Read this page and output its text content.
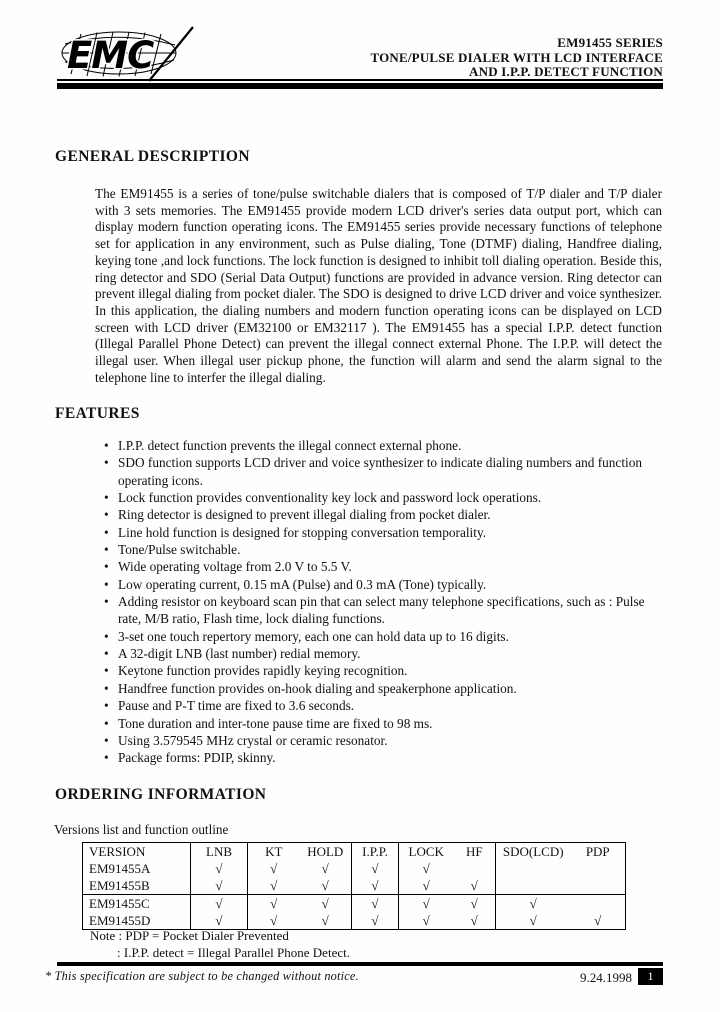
EMC	EM91455 SERIES
TONE/PULSE DIALER WITH LCD INTERFACE
AND I.P.P. DETECT FUNCTION
GENERAL DESCRIPTION
The EM91455 is a series of tone/pulse switchable dialers that is composed of T/P dialer and T/P dialer with 3 sets memories. The EM91455 provide modern LCD driver's series data output port, which can display modern function operating icons. The EM91455 series provide necessary functions of telephone set for application in any environment, such as Pulse dialing, Tone (DTMF) dialing, Handfree dialing, keying tone ,and lock functions. The lock function is designed to inhibit toll dialing operation. Beside this, ring detector and SDO (Serial Data Output) functions are provided in advance version. Ring detector can prevent illegal dialing from pocket dialer. The SDO is designed to drive LCD driver and voice synthesizer. In this application, the dialing numbers and modern function operating icons can be displayed on LCD screen with LCD driver (EM32100 or EM32117 ). The EM91455 has a special I.P.P. detect function (Illegal Parallel Phone Detect) can prevent the illegal connect external Phone. The I.P.P. will detect the illegal user. When illegal user pickup phone, the function will alarm and send the alarm signal to the telephone line to interfer the illegal dialing.
FEATURES
• I.P.P. detect function prevents the illegal connect external phone.
• SDO function supports LCD driver and voice synthesizer to indicate dialing numbers and function operating icons.
• Lock function provides conventionality key lock and password lock operations.
• Ring detector is designed to prevent illegal dialing from pocket dialer.
• Line hold function is designed for stopping conversation temporality.
• Tone/Pulse switchable.
• Wide operating voltage from 2.0 V to 5.5 V.
• Low operating current, 0.15 mA (Pulse) and 0.3 mA (Tone) typically.
• Adding resistor on keyboard scan pin that can select many telephone specifications, such as : Pulse rate, M/B ratio, Flash time, lock dialing functions.
• 3-set one touch repertory memory, each one can hold data up to 16 digits.
• A 32-digit LNB (last number) redial memory.
• Keytone function provides rapidly keying recognition.
• Handfree function provides on-hook dialing and speakerphone application.
• Pause and P-T time are fixed to 3.6 seconds.
• Tone duration and inter-tone pause time are fixed to 98 ms.
• Using 3.579545 MHz crystal or ceramic resonator.
• Package forms: PDIP, skinny.
ORDERING INFORMATION
Versions list and function outline
VERSION	LNB	KT	HOLD	I.P.P.	LOCK	HF	SDO(LCD)	PDP
EM91455A	√	√	√	√	√			
EM91455B	√	√	√	√	√	√		
EM91455C	√	√	√	√	√	√	√	
EM91455D	√	√	√	√	√	√	√	√
Note : PDP = Pocket Dialer Prevented
: I.P.P. detect = Illegal Parallel Phone Detect.
* This specification are subject to be changed without notice.	9.24.1998	1
